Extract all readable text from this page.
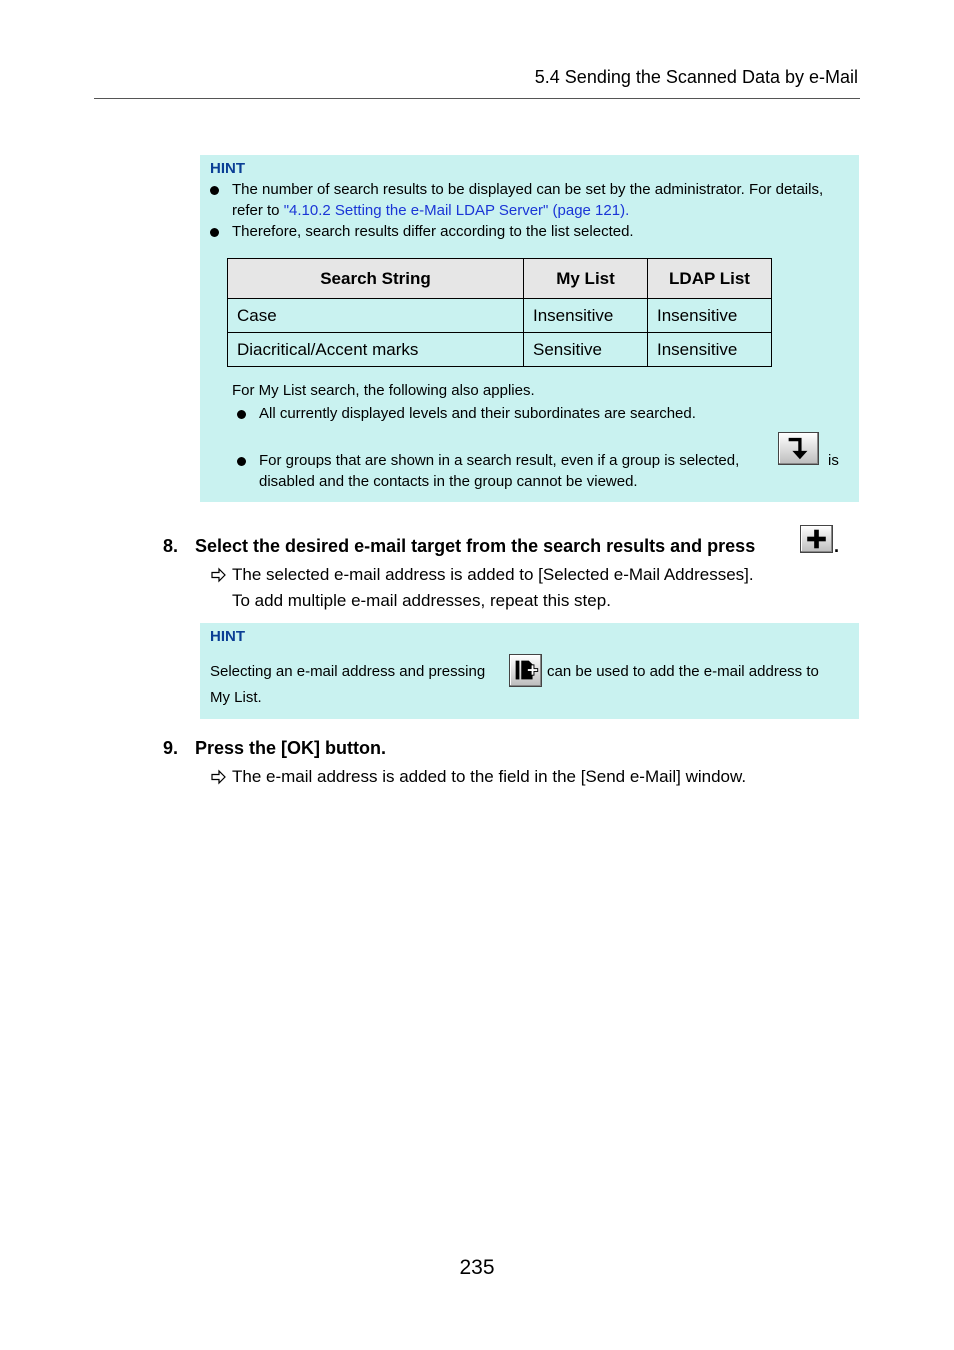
5.4 Sending the Scanned Data by e-Mail
HINT
The number of search results to be displayed can be set by the administrator. For details, refer to "4.10.2 Setting the e-Mail LDAP Server" (page 121).
Therefore, search results differ according to the list selected.
Search String	My List	LDAP List
Case	Insensitive	Insensitive
Diacritical/Accent marks	Sensitive	Insensitive
For My List search, the following also applies.
All currently displayed levels and their subordinates are searched.
For groups that are shown in a search result, even if a group is selected,	is
disabled and the contacts in the group cannot be viewed.
8. Select the desired e-mail target from the search results and press	.
The selected e-mail address is added to [Selected e-Mail Addresses].
To add multiple e-mail addresses, repeat this step.
HINT
Selecting an e-mail address and pressing	can be used to add the e-mail address to
My List.
9. Press the [OK] button.
The e-mail address is added to the field in the [Send e-Mail] window.
235
